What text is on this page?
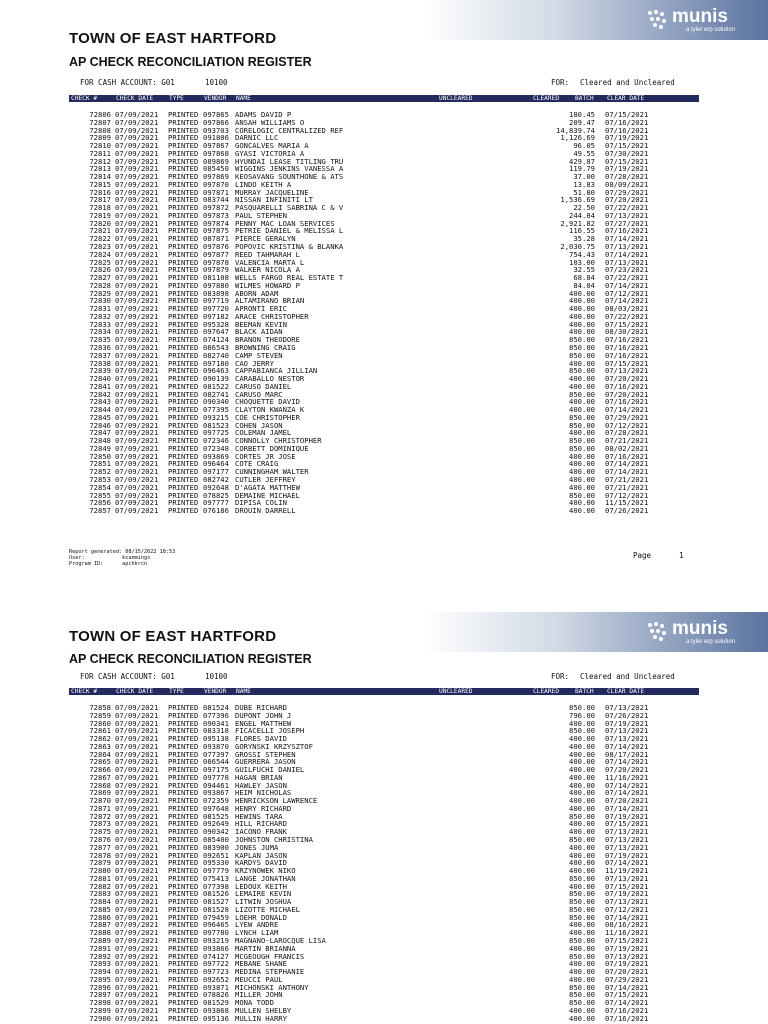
munis
a tyler erp solution
TOWN OF EAST HARTFORD
AP CHECK RECONCILIATION REGISTER
FOR CASH ACCOUNT: G01	10100	FOR: Cleared and Uncleared
CHECK #	CHECK DATE	TYPE	VENDOR NAME	UNCLEARED	CLEARED	BATCH CLEAR DATE
72806 07/09/2021 PRINTED 097865 ADAMS DAVID P	180.45 07/15/2021
72807 07/09/2021 PRINTED 097866 ANSAH WILLIAMS O	209.47 07/16/2021
72808 07/09/2021 PRINTED 093703 CORELOGIC CENTRALIZED REF	14,839.74 07/16/2021
72809 07/09/2021 PRINTED 091806 DARNIC LLC	1,126.69 07/19/2021
72810 07/09/2021 PRINTED 097867 GONCALVES MARIA A	96.05 07/15/2021
72811 07/09/2021 PRINTED 097868 GYASI VICTORIA A	49.55 07/30/2021
72812 07/09/2021 PRINTED 089869 HYUNDAI LEASE TITLING TRU	429.87 07/15/2021
72813 07/09/2021 PRINTED 085450 WIGGINS JENKINS VANESSA A	119.79 07/19/2021
72814 07/09/2021 PRINTED 097869 KEOSAVANG SOUNTHONE & ATS	37.00 07/28/2021
72815 07/09/2021 PRINTED 097870 LINDO KEITH A	13.83 08/09/2021
72816 07/09/2021 PRINTED 097871 MURRAY JACQUELINE	51.80 07/29/2021
72817 07/09/2021 PRINTED 083744 NISSAN INFINITI LT	1,536.69 07/20/2021
72818 07/09/2021 PRINTED 097872 PASQUARELLI SABRINA C & V	22.50 07/22/2021
72819 07/09/2021 PRINTED 097873 PAUL STEPHEN	244.84 07/13/2021
72820 07/09/2021 PRINTED 097874 PENNY MAC LOAN SERVICES	2,921.82 07/27/2021
72821 07/09/2021 PRINTED 097875 PETRIE DANIEL & MELISSA L	116.55 07/16/2021
72822 07/09/2021 PRINTED 087871 PIERCE GERALYN	35.28 07/14/2021
72823 07/09/2021 PRINTED 097876 POPOVIC KRISTINA & BLANKA	2,030.75 07/13/2021
72824 07/09/2021 PRINTED 097877 REED TAHMARAH L	754.43 07/14/2021
72825 07/09/2021 PRINTED 097878 VALENCIA MARTA L	103.00 07/13/2021
72826 07/09/2021 PRINTED 097879 WALKER NICOLA A	32.55 07/23/2021
72827 07/09/2021 PRINTED 081108 WELLS FARGO REAL ESTATE T	68.84 07/22/2021
72828 07/09/2021 PRINTED 097880 WILMES HOWARD P	84.04 07/14/2021
72829 07/09/2021 PRINTED 083898 ABORN ADAM	400.00 07/12/2021
72830 07/09/2021 PRINTED 097719 ALTAMIRANO BRIAN	400.00 07/14/2021
72831 07/09/2021 PRINTED 097720 APRONTI ERIC	400.00 08/03/2021
72832 07/09/2021 PRINTED 097182 ARACE CHRISTOPHER	400.00 07/22/2021
72833 07/09/2021 PRINTED 095328 BEEMAN KEVIN	400.00 07/15/2021
72834 07/09/2021 PRINTED 097647 BLACK AIDAN	400.00 08/30/2021
72835 07/09/2021 PRINTED 074124 BRANON THEODORE	850.00 07/16/2021
72836 07/09/2021 PRINTED 086543 BROWNING CRAIG	850.00 07/16/2021
72837 07/09/2021 PRINTED 082740 CAMP STEVEN	850.00 07/16/2021
72838 07/09/2021 PRINTED 097180 CAO JERRY	400.00 07/15/2021
72839 07/09/2021 PRINTED 096463 CAPPABIANCA JILLIAN	850.00 07/13/2021
72840 07/09/2021 PRINTED 090139 CARABALLO NESTOR	400.00 07/20/2021
72841 07/09/2021 PRINTED 081522 CARUSO DANIEL	400.00 07/16/2021
72842 07/09/2021 PRINTED 082741 CARUSO MARC	850.00 07/20/2021
72843 07/09/2021 PRINTED 090340 CHOQUETTE DAVID	400.00 07/16/2021
72844 07/09/2021 PRINTED 077395 CLAYTON KWANZA K	400.00 07/14/2021
72845 07/09/2021 PRINTED 093215 COE CHRISTOPHER	850.00 07/29/2021
72846 07/09/2021 PRINTED 081523 COHEN JASON	850.00 07/12/2021
72847 07/09/2021 PRINTED 097725 COLEMAN JAMEL	400.00 07/28/2021
72848 07/09/2021 PRINTED 072346 CONNOLLY CHRISTOPHER	850.00 07/21/2021
72849 07/09/2021 PRINTED 072348 CORBETT DOMINIQUE	850.00 08/02/2021
72850 07/09/2021 PRINTED 093869 CORTES JR JOSE	400.00 07/16/2021
72851 07/09/2021 PRINTED 096464 COTE CRAIG	400.00 07/14/2021
72852 07/09/2021 PRINTED 097177 CUNNINGHAM WALTER	400.00 07/14/2021
72853 07/09/2021 PRINTED 082742 CUTLER JEFFREY	400.00 07/21/2021
72854 07/09/2021 PRINTED 092648 D'AGATA MATTHEW	400.00 07/21/2021
72855 07/09/2021 PRINTED 078825 DEMAINE MICHAEL	850.00 07/12/2021
72856 07/09/2021 PRINTED 097777 DIPISA COLIN	400.00 11/15/2021
72857 07/09/2021 PRINTED 076186 DROUIN DARRELL	400.00 07/26/2021
Report generated: 08/15/2022 18:53
User:	kcummings
Program ID:	apchkrcn
Page	1
munis
a tyler erp solution
TOWN OF EAST HARTFORD
AP CHECK RECONCILIATION REGISTER
FOR CASH ACCOUNT: G01	10100	FOR: Cleared and Uncleared
CHECK #	CHECK DATE	TYPE	VENDOR NAME	UNCLEARED	CLEARED	BATCH CLEAR DATE
72858 07/09/2021 PRINTED 081524 DUBE RICHARD	850.00 07/13/2021
72859 07/09/2021 PRINTED 077396 DUPONT JOHN J	796.00 07/26/2021
72860 07/09/2021 PRINTED 090341 ENGEL MATTHEW	400.00 07/19/2021
72861 07/09/2021 PRINTED 083318 FICACELLI JOSEPH	850.00 07/13/2021
72862 07/09/2021 PRINTED 095138 FLORES DAVID	400.00 07/13/2021
72863 07/09/2021 PRINTED 093870 GORYNSKI KRZYSZTOF	400.00 07/14/2021
72864 07/09/2021 PRINTED 077397 GROSSI STEPHEN	400.00 08/17/2021
72865 07/09/2021 PRINTED 086544 GUERRERA JASON	400.00 07/14/2021
72866 07/09/2021 PRINTED 097175 GUILFUCHI DANIEL	400.00 07/20/2021
72867 07/09/2021 PRINTED 097778 HAGAN BRIAN	400.00 11/16/2021
72868 07/09/2021 PRINTED 094461 HAWLEY JASON	400.00 07/14/2021
72869 07/09/2021 PRINTED 093867 HEIM NICHOLAS	400.00 07/14/2021
72870 07/09/2021 PRINTED 072359 HENRICKSON LAWRENCE	400.00 07/20/2021
72871 07/09/2021 PRINTED 097648 HENRY RICHARD	400.00 07/14/2021
72872 07/09/2021 PRINTED 081525 HEWINS TARA	850.00 07/19/2021
72873 07/09/2021 PRINTED 092649 HILL RICHARD	400.00 07/15/2021
72875 07/09/2021 PRINTED 090342 IACONO FRANK	400.00 07/13/2021
72876 07/09/2021 PRINTED 085400 JOHNSTON CHRISTINA	850.00 07/13/2021
72877 07/09/2021 PRINTED 083900 JONES JUMA	400.00 07/13/2021
72878 07/09/2021 PRINTED 092651 KAPLAN JASON	400.00 07/19/2021
72879 07/09/2021 PRINTED 095330 KARDYS DAVID	400.00 07/14/2021
72880 07/09/2021 PRINTED 097779 KRZYNOWEK NIKO	400.00 11/19/2021
72881 07/09/2021 PRINTED 075413 LANGE JONATHAN	850.00 07/13/2021
72882 07/09/2021 PRINTED 077398 LEDOUX KEITH	400.00 07/15/2021
72883 07/09/2021 PRINTED 081526 LEMAIRE KEVIN	850.00 07/19/2021
72884 07/09/2021 PRINTED 081527 LITWIN JOSHUA	850.00 07/13/2021
72885 07/09/2021 PRINTED 081528 LIZOTTE MICHAEL	850.00 07/12/2021
72886 07/09/2021 PRINTED 079459 LOEHR DONALD	850.00 07/14/2021
72887 07/09/2021 PRINTED 096465 LYEW ANDRE	400.00 08/16/2021
72888 07/09/2021 PRINTED 097780 LYNCH LIAM	400.00 11/16/2021
72889 07/09/2021 PRINTED 093219 MAGNANO-LAROCQUE LISA	850.00 07/15/2021
72891 07/09/2021 PRINTED 093866 MARTIN BRIANNA	400.00 07/19/2021
72892 07/09/2021 PRINTED 074127 MCGEOUGH FRANCIS	850.00 07/13/2021
72893 07/09/2021 PRINTED 097722 MEBANE SHANE	400.00 07/19/2021
72894 07/09/2021 PRINTED 097723 MEDINA STEPHANIE	400.00 07/20/2021
72895 07/09/2021 PRINTED 092652 MEUCCI PAUL	400.00 07/29/2021
72896 07/09/2021 PRINTED 093871 MICHONSKI ANTHONY	850.00 07/14/2021
72897 07/09/2021 PRINTED 078826 MILLER JOHN	850.00 07/15/2021
72898 07/09/2021 PRINTED 081529 MONA TODD	850.00 07/14/2021
72899 07/09/2021 PRINTED 093868 MULLEN SHELBY	400.00 07/16/2021
72900 07/09/2021 PRINTED 095136 MULLIN HARRY	400.00 07/16/2021
